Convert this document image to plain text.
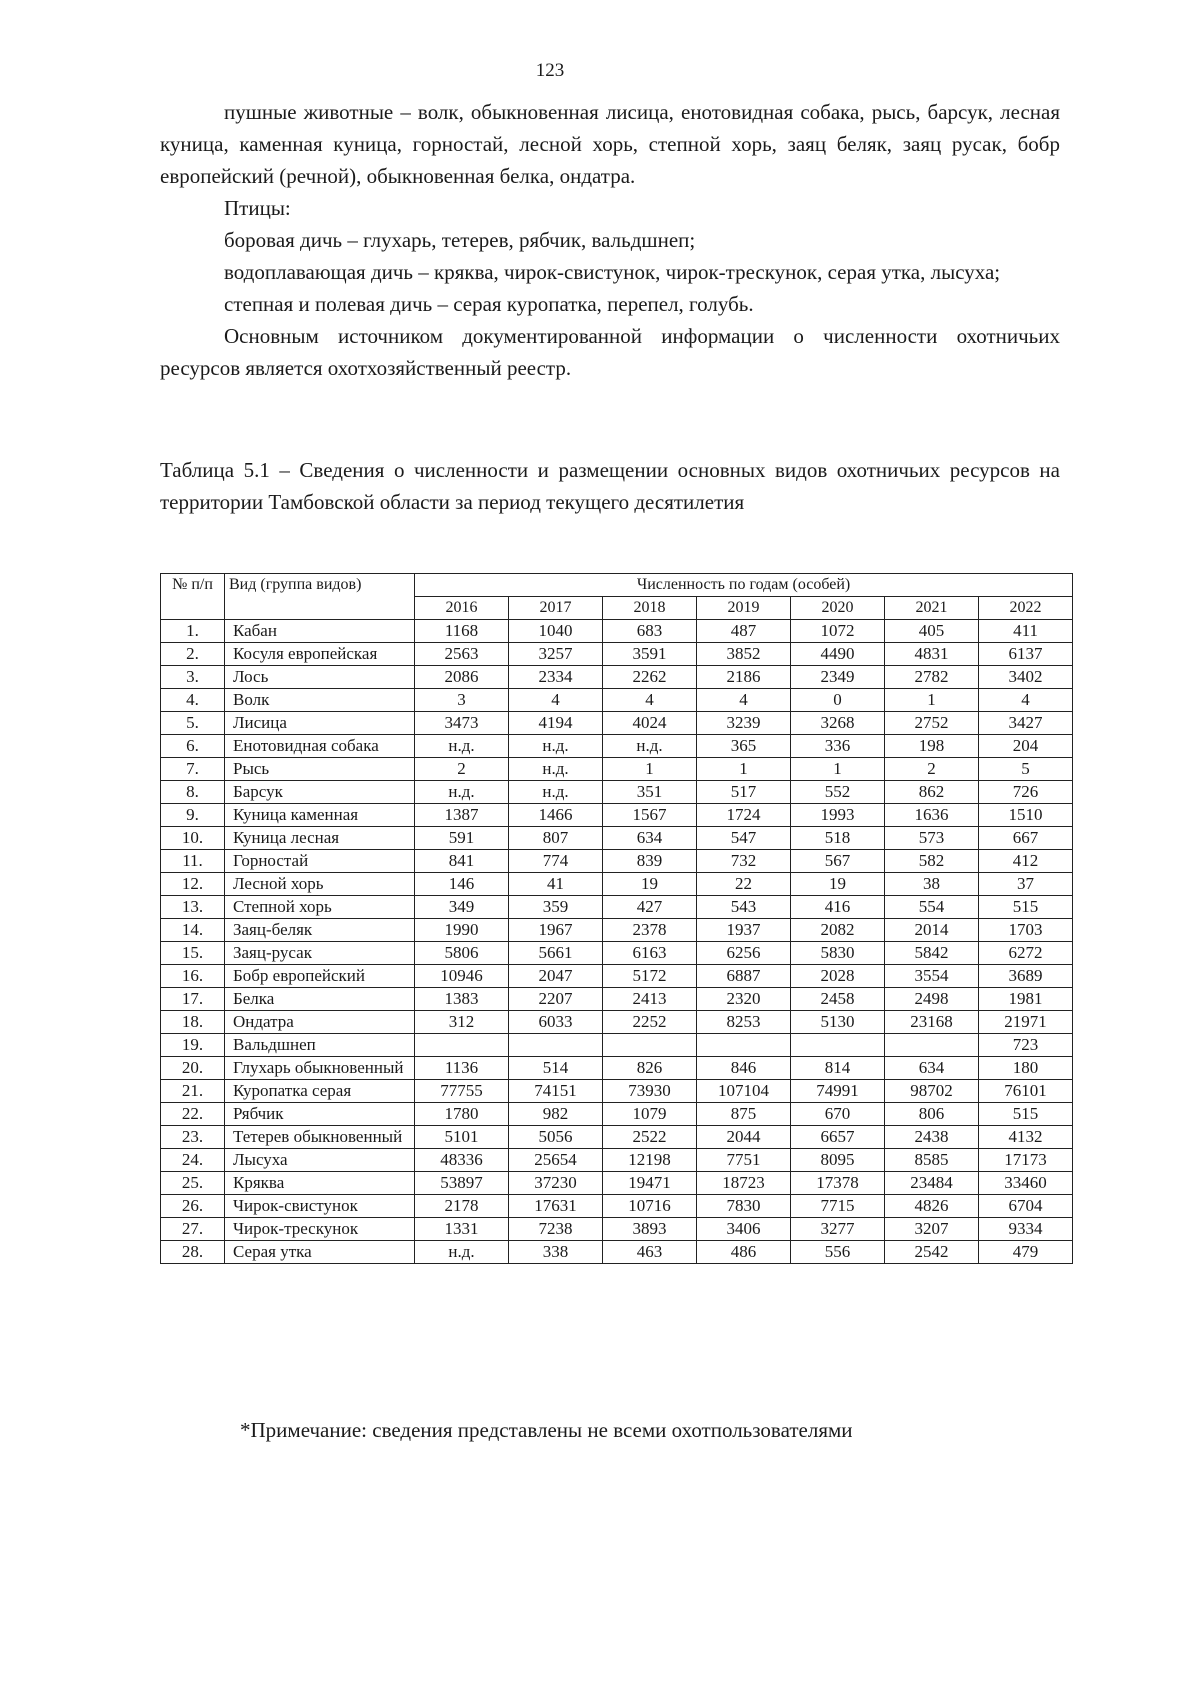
123

пушные животные – волк, обыкновенная лисица, енотовидная собака, рысь, барсук, лесная куница, каменная куница, горностай, лесной хорь, степной хорь, заяц беляк, заяц русак, бобр европейский (речной), обыкновенная белка, ондатра.

Птицы:

боровая дичь – глухарь, тетерев, рябчик, вальдшнеп;

водоплавающая дичь – кряква, чирок-свистунок, чирок-трескунок, серая утка, лысуха;

степная и полевая дичь – серая куропатка, перепел, голубь.

Основным источником документированной информации о численности охотничьих ресурсов является охотхозяйственный реестр.

Таблица 5.1 – Сведения о численности и размещении основных видов охотничьих ресурсов на территории Тамбовской области за период текущего десятилетия
№ п/п	Вид (группа видов)	Численность по годам (особей)						
		2016	2017	2018	2019	2020	2021	2022
1.	Кабан	1168	1040	683	487	1072	405	411
2.	Косуля европейская	2563	3257	3591	3852	4490	4831	6137
3.	Лось	2086	2334	2262	2186	2349	2782	3402
4.	Волк	3	4	4	4	0	1	4
5.	Лисица	3473	4194	4024	3239	3268	2752	3427
6.	Енотовидная собака	н.д.	н.д.	н.д.	365	336	198	204
7.	Рысь	2	н.д.	1	1	1	2	5
8.	Барсук	н.д.	н.д.	351	517	552	862	726
9.	Куница каменная	1387	1466	1567	1724	1993	1636	1510
10.	Куница лесная	591	807	634	547	518	573	667
11.	Горностай	841	774	839	732	567	582	412
12.	Лесной хорь	146	41	19	22	19	38	37
13.	Степной хорь	349	359	427	543	416	554	515
14.	Заяц-беляк	1990	1967	2378	1937	2082	2014	1703
15.	Заяц-русак	5806	5661	6163	6256	5830	5842	6272
16.	Бобр европейский	10946	2047	5172	6887	2028	3554	3689
17.	Белка	1383	2207	2413	2320	2458	2498	1981
18.	Ондатра	312	6033	2252	8253	5130	23168	21971
19.	Вальдшнеп							723
20.	Глухарь обыкновенный	1136	514	826	846	814	634	180
21.	Куропатка серая	77755	74151	73930	107104	74991	98702	76101
22.	Рябчик	1780	982	1079	875	670	806	515
23.	Тетерев обыкновенный	5101	5056	2522	2044	6657	2438	4132
24.	Лысуха	48336	25654	12198	7751	8095	8585	17173
25.	Кряква	53897	37230	19471	18723	17378	23484	33460
26.	Чирок-свистунок	2178	17631	10716	7830	7715	4826	6704
27.	Чирок-трескунок	1331	7238	3893	3406	3277	3207	9334
28.	Серая утка	н.д.	338	463	486	556	2542	479
*Примечание: сведения представлены не всеми охотпользователями
